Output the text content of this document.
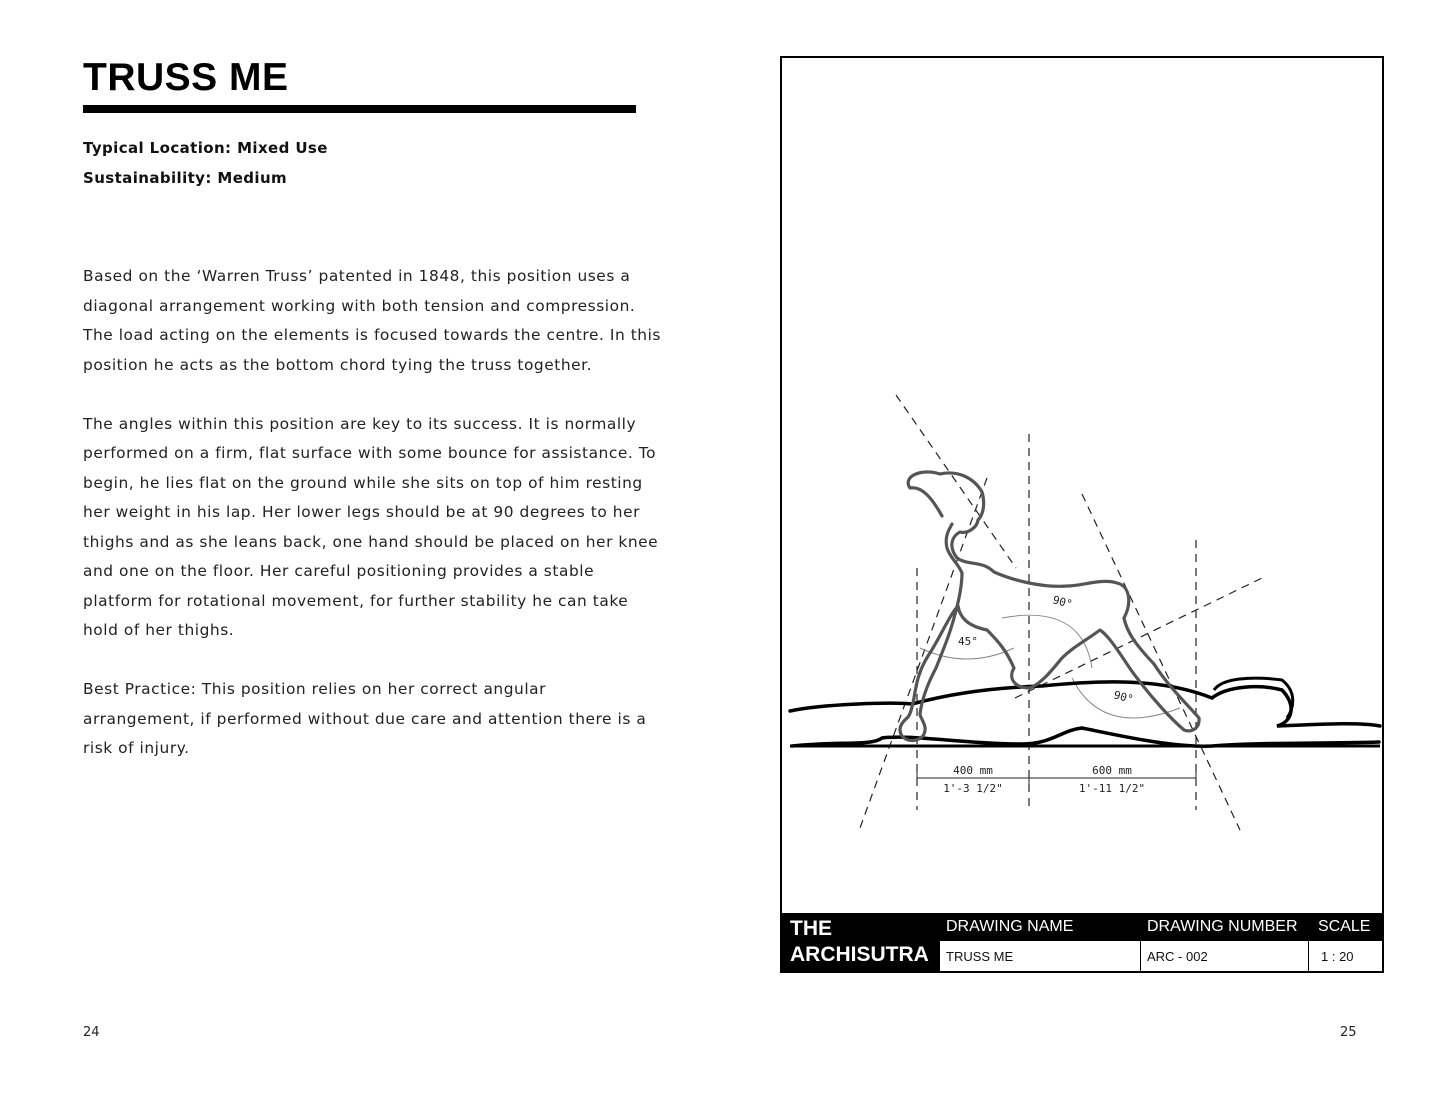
TRUSS ME
Typical Location: Mixed Use
Sustainability: Medium

Based on the ‘Warren Truss’ patented in 1848, this position uses a diagonal arrangement working with both tension and compression. The load acting on the elements is focused towards the centre. In this position he acts as the bottom chord tying the truss together.

The angles within this position are key to its success. It is normally performed on a firm, flat surface with some bounce for assistance. To begin, he lies flat on the ground while she sits on top of him resting her weight in his lap. Her lower legs should be at 90 degrees to her thighs and as she leans back, one hand should be placed on her knee and one on the floor. Her careful positioning provides a stable platform for rotational movement, for further stability he can take hold of her thighs.

Best Practice: This position relies on her correct angular arrangement, if performed without due care and attention there is a risk of injury.

24	25
45°
90°
90°
400 mm
1'-3 1/2"
600 mm
1'-11 1/2"
THE
ARCHISUTRA
DRAWING NAME	DRAWING NUMBER SCALE
TRUSS ME	ARC - 002	1 : 20
